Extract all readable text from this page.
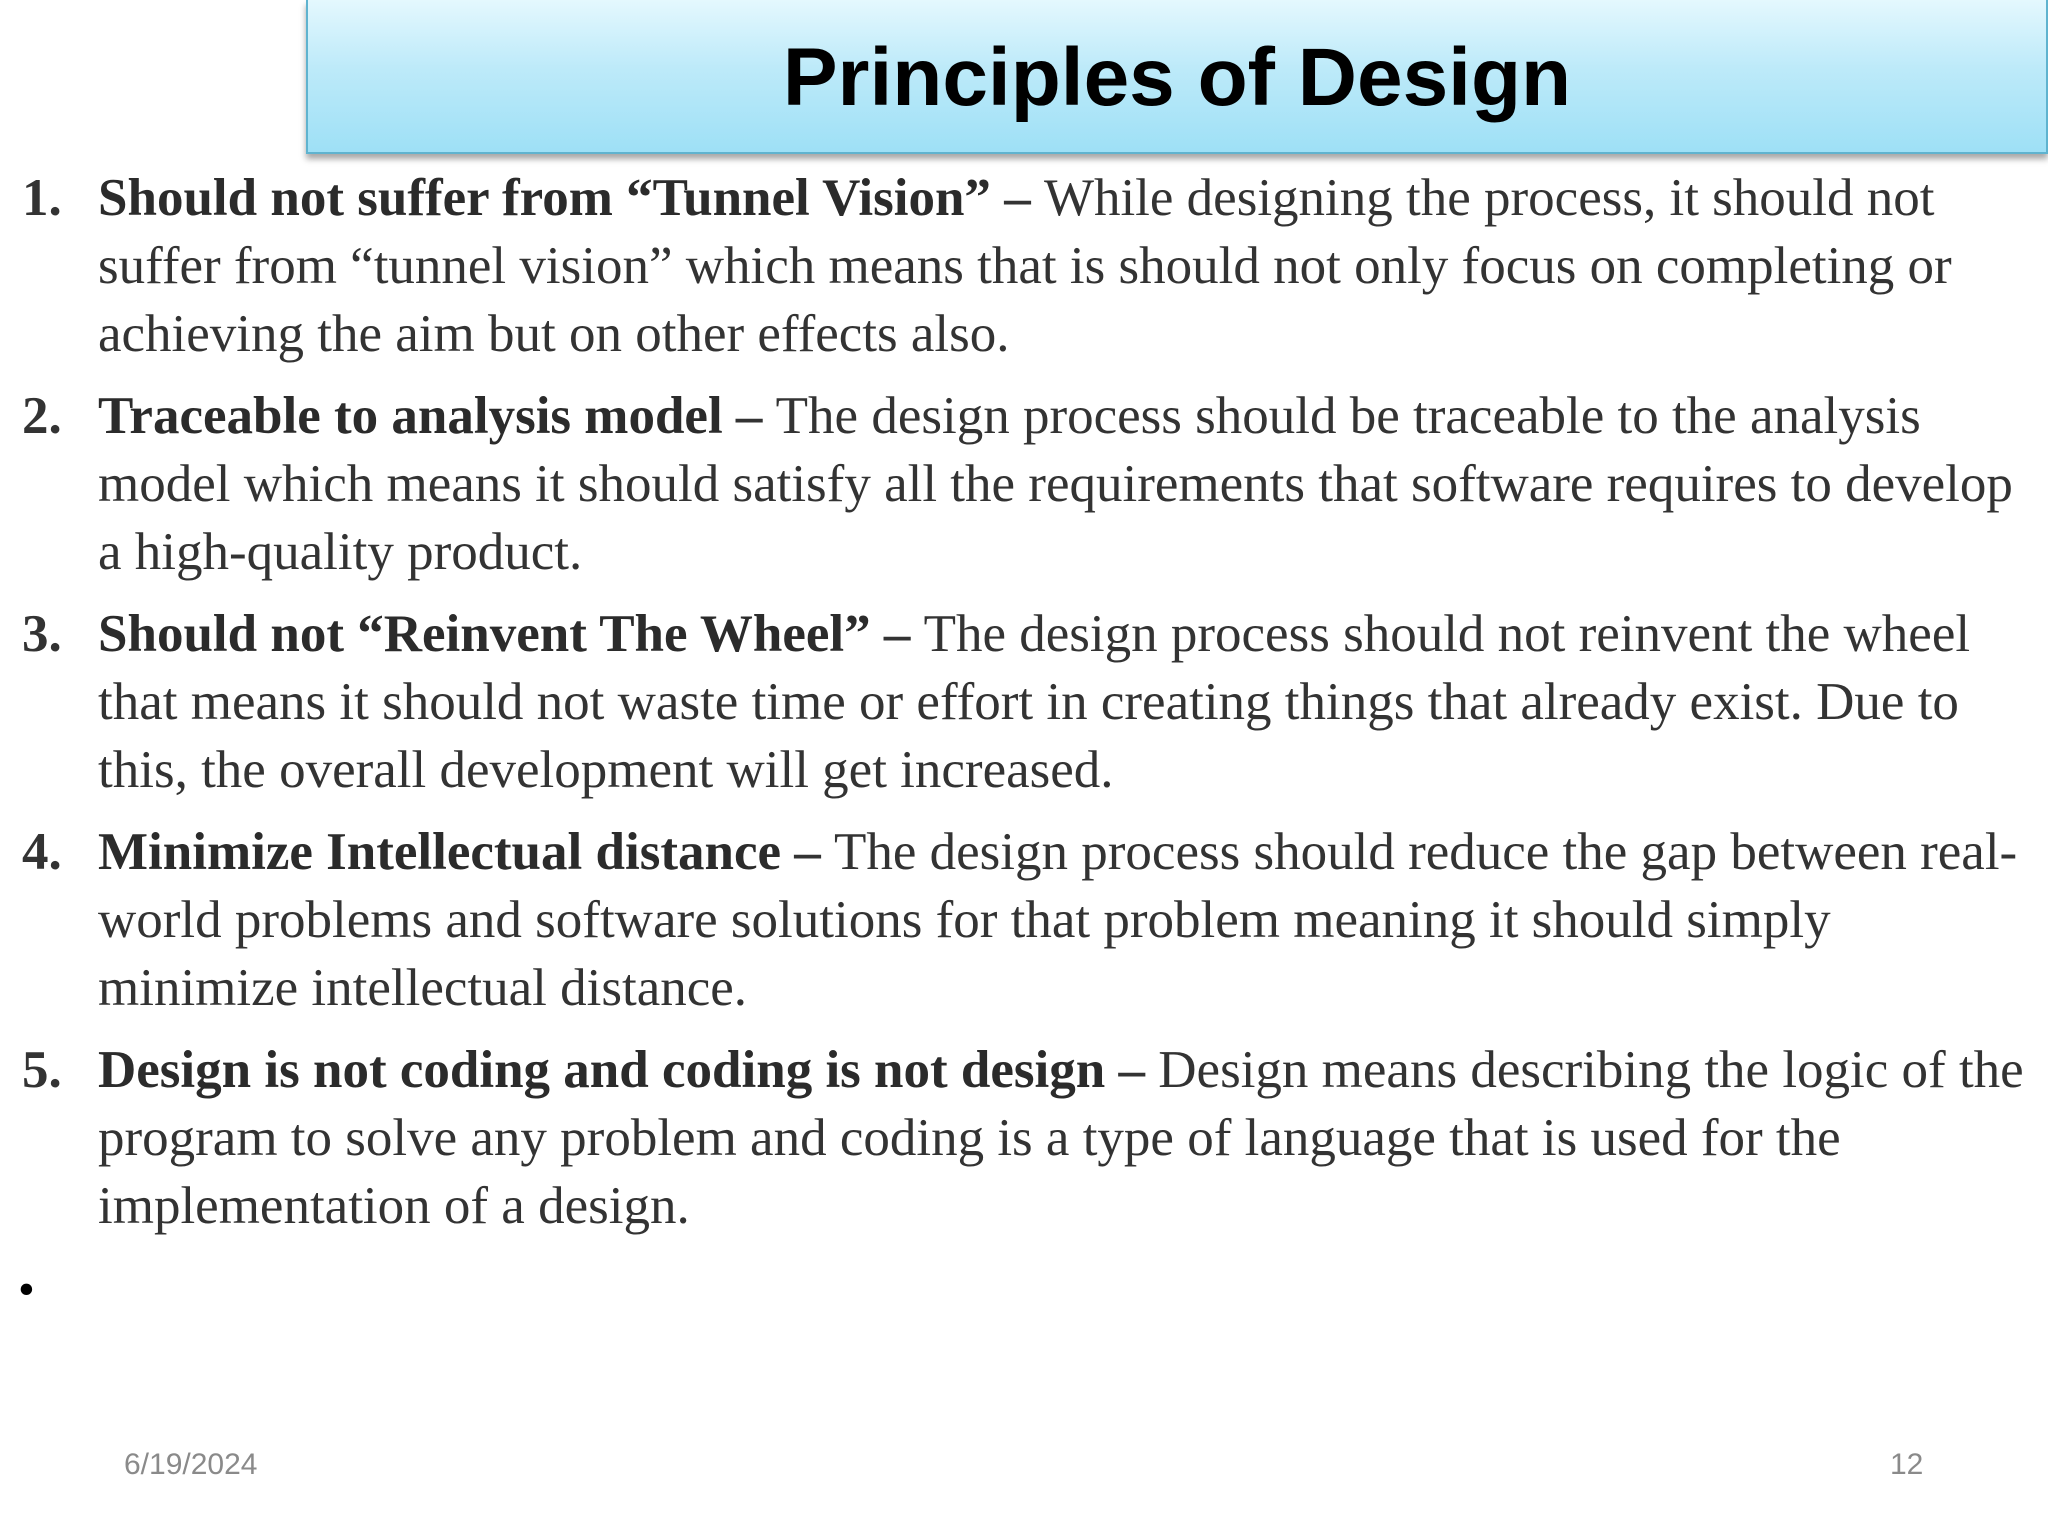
Principles of Design
1. Should not suffer from “Tunnel Vision” – While designing the process, it should not suffer from “tunnel vision” which means that is should not only focus on completing or achieving the aim but on other effects also.
2. Traceable to analysis model – The design process should be traceable to the analysis model which means it should satisfy all the requirements that software requires to develop a high-quality product.
3. Should not “Reinvent The Wheel” – The design process should not reinvent the wheel that means it should not waste time or effort in creating things that already exist. Due to this, the overall development will get increased.
4. Minimize Intellectual distance – The design process should reduce the gap between real-world problems and software solutions for that problem meaning it should simply minimize intellectual distance.
5. Design is not coding and coding is not design – Design means describing the logic of the program to solve any problem and coding is a type of language that is used for the implementation of a design.
•
6/19/2024	12
